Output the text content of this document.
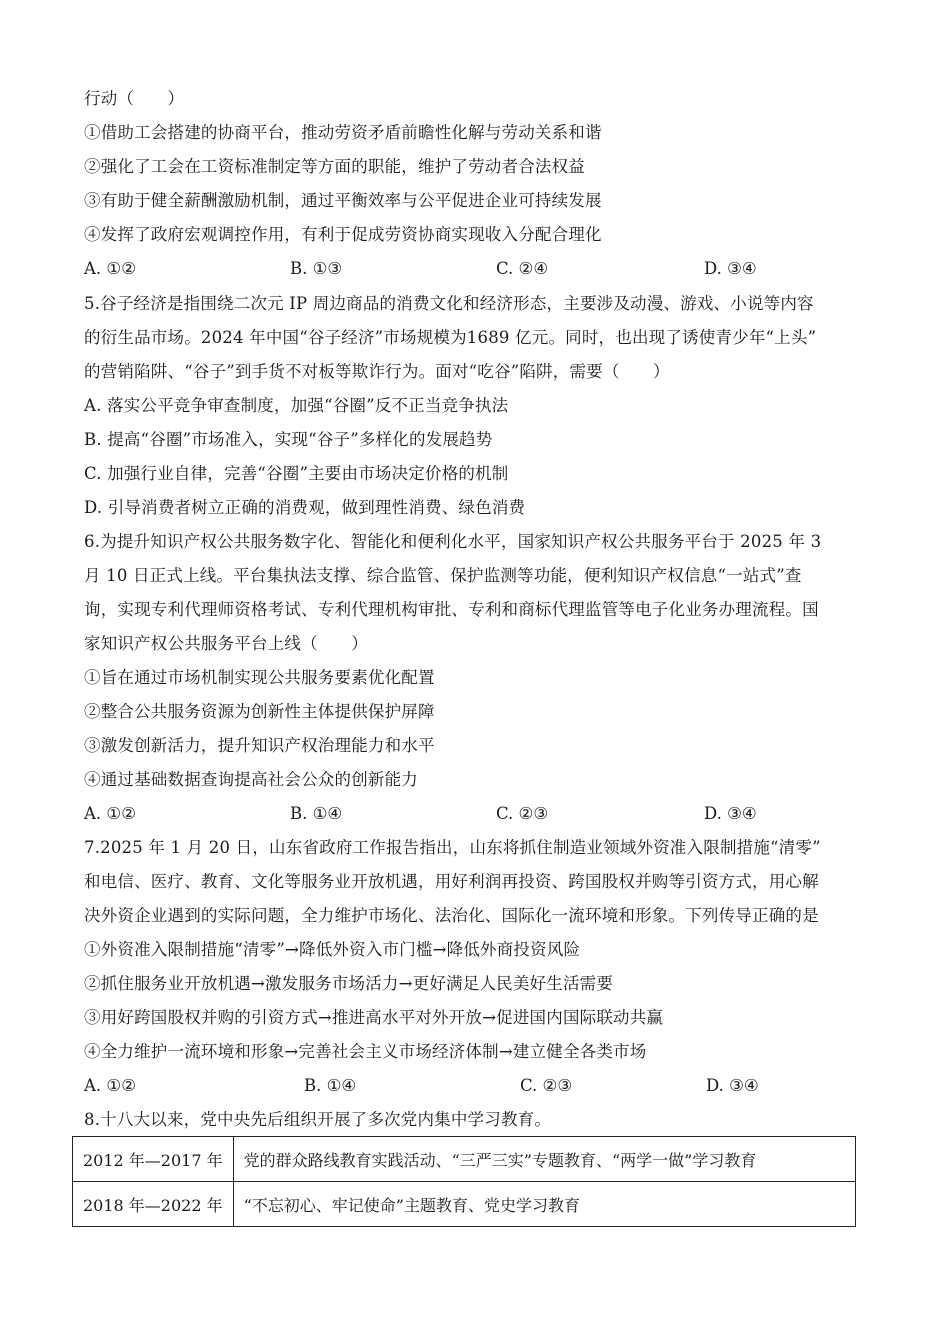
行动（　　）
①借助工会搭建的协商平台，推动劳资矛盾前瞻性化解与劳动关系和谐
②强化了工会在工资标准制定等方面的职能，维护了劳动者合法权益
③有助于健全薪酬激励机制，通过平衡效率与公平促进企业可持续发展
④发挥了政府宏观调控作用，有利于促成劳资协商实现收入分配合理化
A. ①②	B. ①③	C. ②④	D. ③④
5.谷子经济是指围绕二次元 IP 周边商品的消费文化和经济形态，主要涉及动漫、游戏、小说等内容
的衍生品市场。2024 年中国“谷子经济”市场规模为1689 亿元。同时，也出现了诱使青少年“上头”
的营销陷阱、“谷子”到手货不对板等欺诈行为。面对“吃谷”陷阱，需要（　　）
A. 落实公平竞争审查制度，加强“谷圈”反不正当竞争执法
B. 提高“谷圈”市场准入，实现“谷子”多样化的发展趋势
C. 加强行业自律，完善“谷圈”主要由市场决定价格的机制
D. 引导消费者树立正确的消费观，做到理性消费、绿色消费
6.为提升知识产权公共服务数字化、智能化和便利化水平，国家知识产权公共服务平台于 2025 年 3
月 10 日正式上线。平台集执法支撑、综合监管、保护监测等功能，便利知识产权信息“一站式”查
询，实现专利代理师资格考试、专利代理机构审批、专利和商标代理监管等电子化业务办理流程。国
家知识产权公共服务平台上线（　　）
①旨在通过市场机制实现公共服务要素优化配置
②整合公共服务资源为创新性主体提供保护屏障
③激发创新活力，提升知识产权治理能力和水平
④通过基础数据查询提高社会公众的创新能力
A. ①②	B. ①④	C. ②③	D. ③④
7.2025 年 1 月 20 日，山东省政府工作报告指出，山东将抓住制造业领域外资准入限制措施“清零”
和电信、医疗、教育、文化等服务业开放机遇，用好利润再投资、跨国股权并购等引资方式，用心解
决外资企业遇到的实际问题，全力维护市场化、法治化、国际化一流环境和形象。下列传导正确的是
①外资准入限制措施“清零”→降低外资入市门槛→降低外商投资风险
②抓住服务业开放机遇→激发服务市场活力→更好满足人民美好生活需要
③用好跨国股权并购的引资方式→推进高水平对外开放→促进国内国际联动共赢
④全力维护一流环境和形象→完善社会主义市场经济体制→建立健全各类市场
A. ①②	B. ①④	C. ②③	D. ③④
8.十八大以来，党中央先后组织开展了多次党内集中学习教育。
2012 年—2017 年	党的群众路线教育实践活动、“三严三实”专题教育、“两学一做”学习教育
2018 年—2022 年	“不忘初心、牢记使命”主题教育、党史学习教育
